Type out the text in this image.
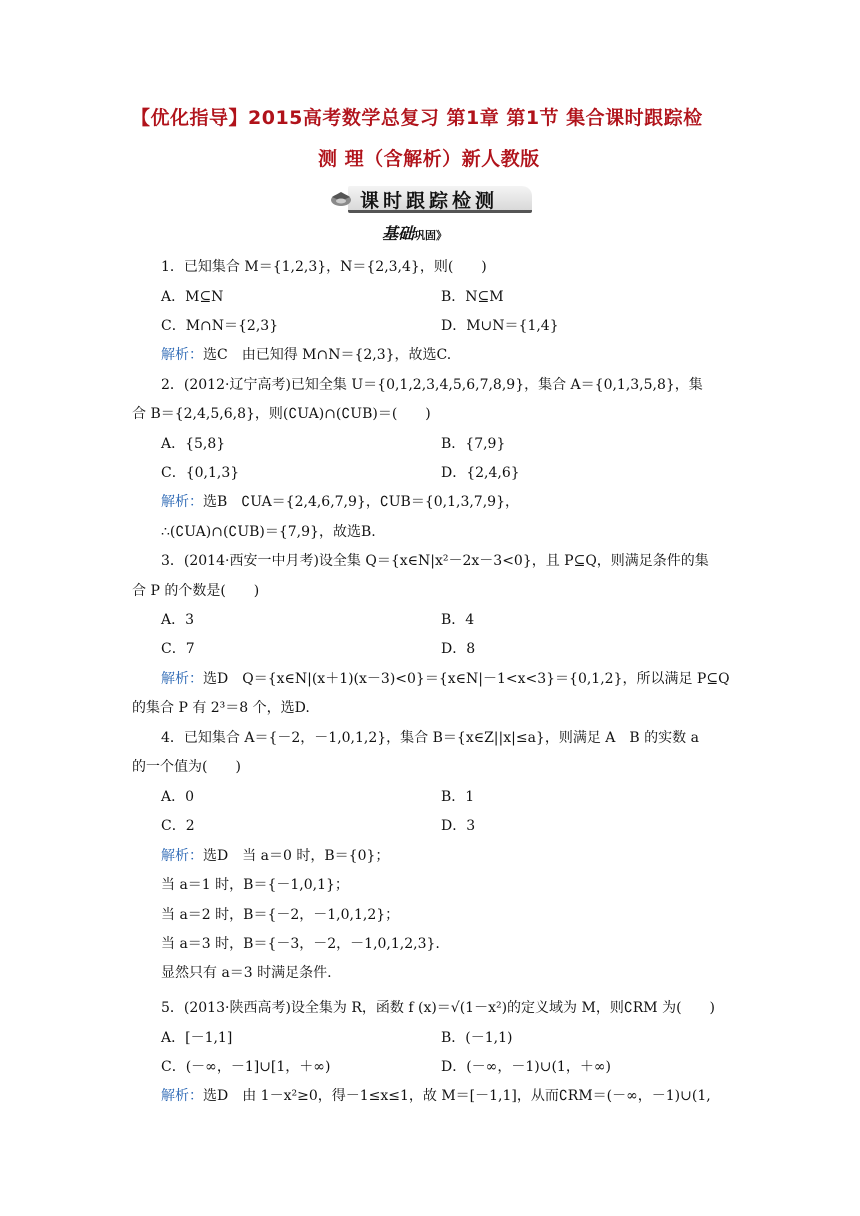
【优化指导】2015高考数学总复习 第1章 第1节 集合课时跟踪检
测 理（含解析）新人教版
课时跟踪检测
基础巩固》
1．已知集合 M＝{1,2,3}，N＝{2,3,4}，则(　　)
A．M⊆N	B．N⊆M
C．M∩N＝{2,3}	D．M∪N＝{1,4}
解析：选C　由已知得 M∩N＝{2,3}，故选C.
2．(2012·辽宁高考)已知全集 U＝{0,1,2,3,4,5,6,7,8,9}，集合 A＝{0,1,3,5,8}，集
合 B＝{2,4,5,6,8}，则(∁UA)∩(∁UB)＝(　　)
A．{5,8}	B．{7,9}
C．{0,1,3}	D．{2,4,6}
解析：选B　∁UA＝{2,4,6,7,9}，∁UB＝{0,1,3,7,9}，
∴(∁UA)∩(∁UB)＝{7,9}，故选B.
3．(2014·西安一中月考)设全集 Q＝{x∈N|x²－2x－3<0}，且 P⊆Q，则满足条件的集
合 P 的个数是(　　)
A．3	B．4
C．7	D．8
解析：选D　Q＝{x∈N|(x＋1)(x－3)<0}＝{x∈N|－1<x<3}＝{0,1,2}，所以满足 P⊆Q
的集合 P 有 2³＝8 个，选D.
4．已知集合 A＝{－2，－1,0,1,2}，集合 B＝{x∈Z||x|≤a}，则满足 A　B 的实数 a
的一个值为(　　)
A．0	B．1
C．2	D．3
解析：选D　当 a＝0 时，B＝{0}；
当 a＝1 时，B＝{－1,0,1}；
当 a＝2 时，B＝{－2，－1,0,1,2}；
当 a＝3 时，B＝{－3，－2，－1,0,1,2,3}.
显然只有 a＝3 时满足条件.
5．(2013·陕西高考)设全集为 R，函数 f (x)＝√(1－x²)的定义域为 M，则∁RM 为(　　)
A．[－1,1]	B．(－1,1)
C．(－∞，－1]∪[1，＋∞)	D．(－∞，－1)∪(1，＋∞)
解析：选D　由 1－x²≥0，得－1≤x≤1，故 M＝[－1,1]，从而∁RM＝(－∞，－1)∪(1,
